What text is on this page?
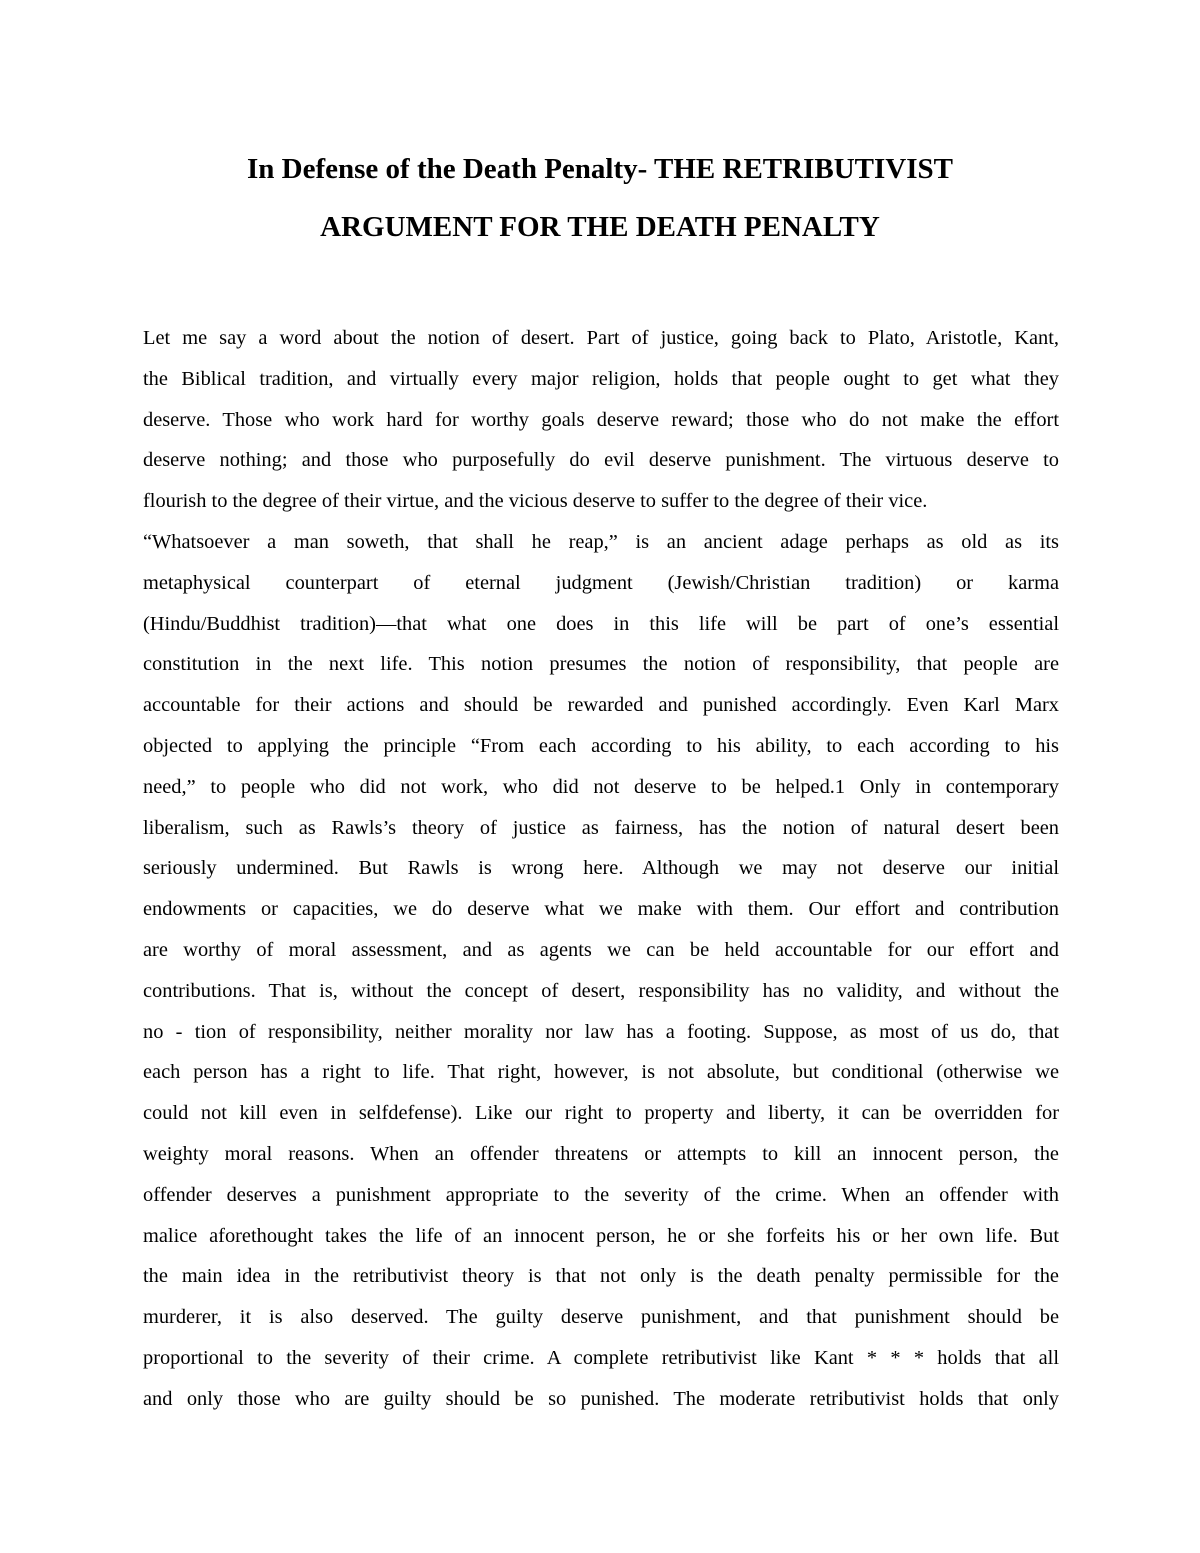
In Defense of the Death Penalty- THE RETRIBUTIVIST
ARGUMENT FOR THE DEATH PENALTY
Let me say a word about the notion of desert. Part of justice, going back to Plato, Aristotle, Kant,
the Biblical tradition, and virtually every major religion, holds that people ought to get what they
deserve. Those who work hard for worthy goals deserve reward; those who do not make the effort
deserve nothing; and those who purposefully do evil deserve punishment. The virtuous deserve to
flourish to the degree of their virtue, and the vicious deserve to suffer to the degree of their vice.
“Whatsoever a man soweth, that shall he reap,” is an ancient adage perhaps as old as its
metaphysical counterpart of eternal judgment (Jewish/Christian tradition) or karma
(Hindu/Buddhist tradition)—that what one does in this life will be part of one’s essential
constitution in the next life. This notion presumes the notion of responsibility, that people are
accountable for their actions and should be rewarded and punished accordingly. Even Karl Marx
objected to applying the principle “From each according to his ability, to each according to his
need,” to people who did not work, who did not deserve to be helped.1 Only in contemporary
liberalism, such as Rawls’s theory of justice as fairness, has the notion of natural desert been
seriously undermined. But Rawls is wrong here. Although we may not deserve our initial
endowments or capacities, we do deserve what we make with them. Our effort and contribution
are worthy of moral assessment, and as agents we can be held accountable for our effort and
contributions. That is, without the concept of desert, responsibility has no validity, and without the
no - tion of responsibility, neither morality nor law has a footing. Suppose, as most of us do, that
each person has a right to life. That right, however, is not absolute, but conditional (otherwise we
could not kill even in selfdefense). Like our right to property and liberty, it can be overridden for
weighty moral reasons. When an offender threatens or attempts to kill an innocent person, the
offender deserves a punishment appropriate to the severity of the crime. When an offender with
malice aforethought takes the life of an innocent person, he or she forfeits his or her own life. But
the main idea in the retributivist theory is that not only is the death penalty permissible for the
murderer, it is also deserved. The guilty deserve punishment, and that punishment should be
proportional to the severity of their crime. A complete retributivist like Kant * * * holds that all
and only those who are guilty should be so punished. The moderate retributivist holds that only
